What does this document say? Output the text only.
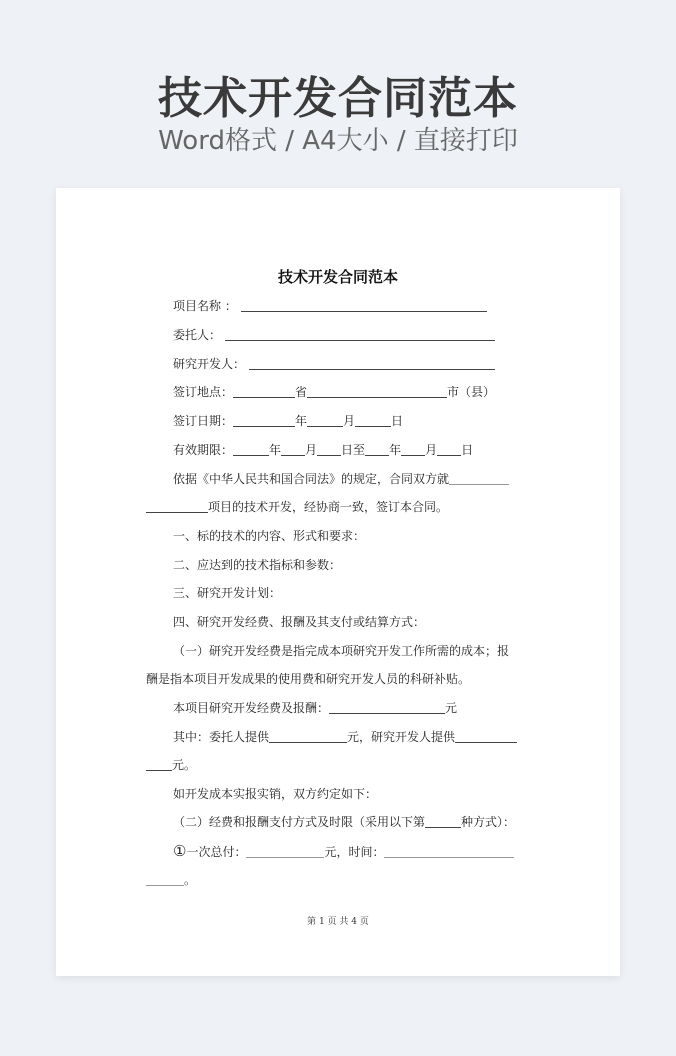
技术开发合同范本
Word格式 / A4大小 / 直接打印
技术开发合同范本
项目名称 ：
委托人：
研究开发人：
签订地点：	省	市（县）
签订日期：	年	月	日
有效期限：	年 月 日至 年 月 日
依据《中华人民共和国合同法》的规定，合同双方就
项目的技术开发，经协商一致，签订本合同。
一、标的技术的内容、形式和要求：
二、应达到的技术指标和参数：
三、研究开发计划：
四、研究开发经费、报酬及其支付或结算方式：
（一）研究开发经费是指完成本项研究开发工作所需的成本；报
酬是指本项目开发成果的使用费和研究开发人员的科研补贴。
本项目研究开发经费及报酬：	元
其中：委托人提供	元，研究开发人提供
元。
如开发成本实报实销，双方约定如下：
（二）经费和报酬支付方式及时限（采用以下第	种方式）：
①一次总付：	元，时间：
。
第 1 页 共 4 页
